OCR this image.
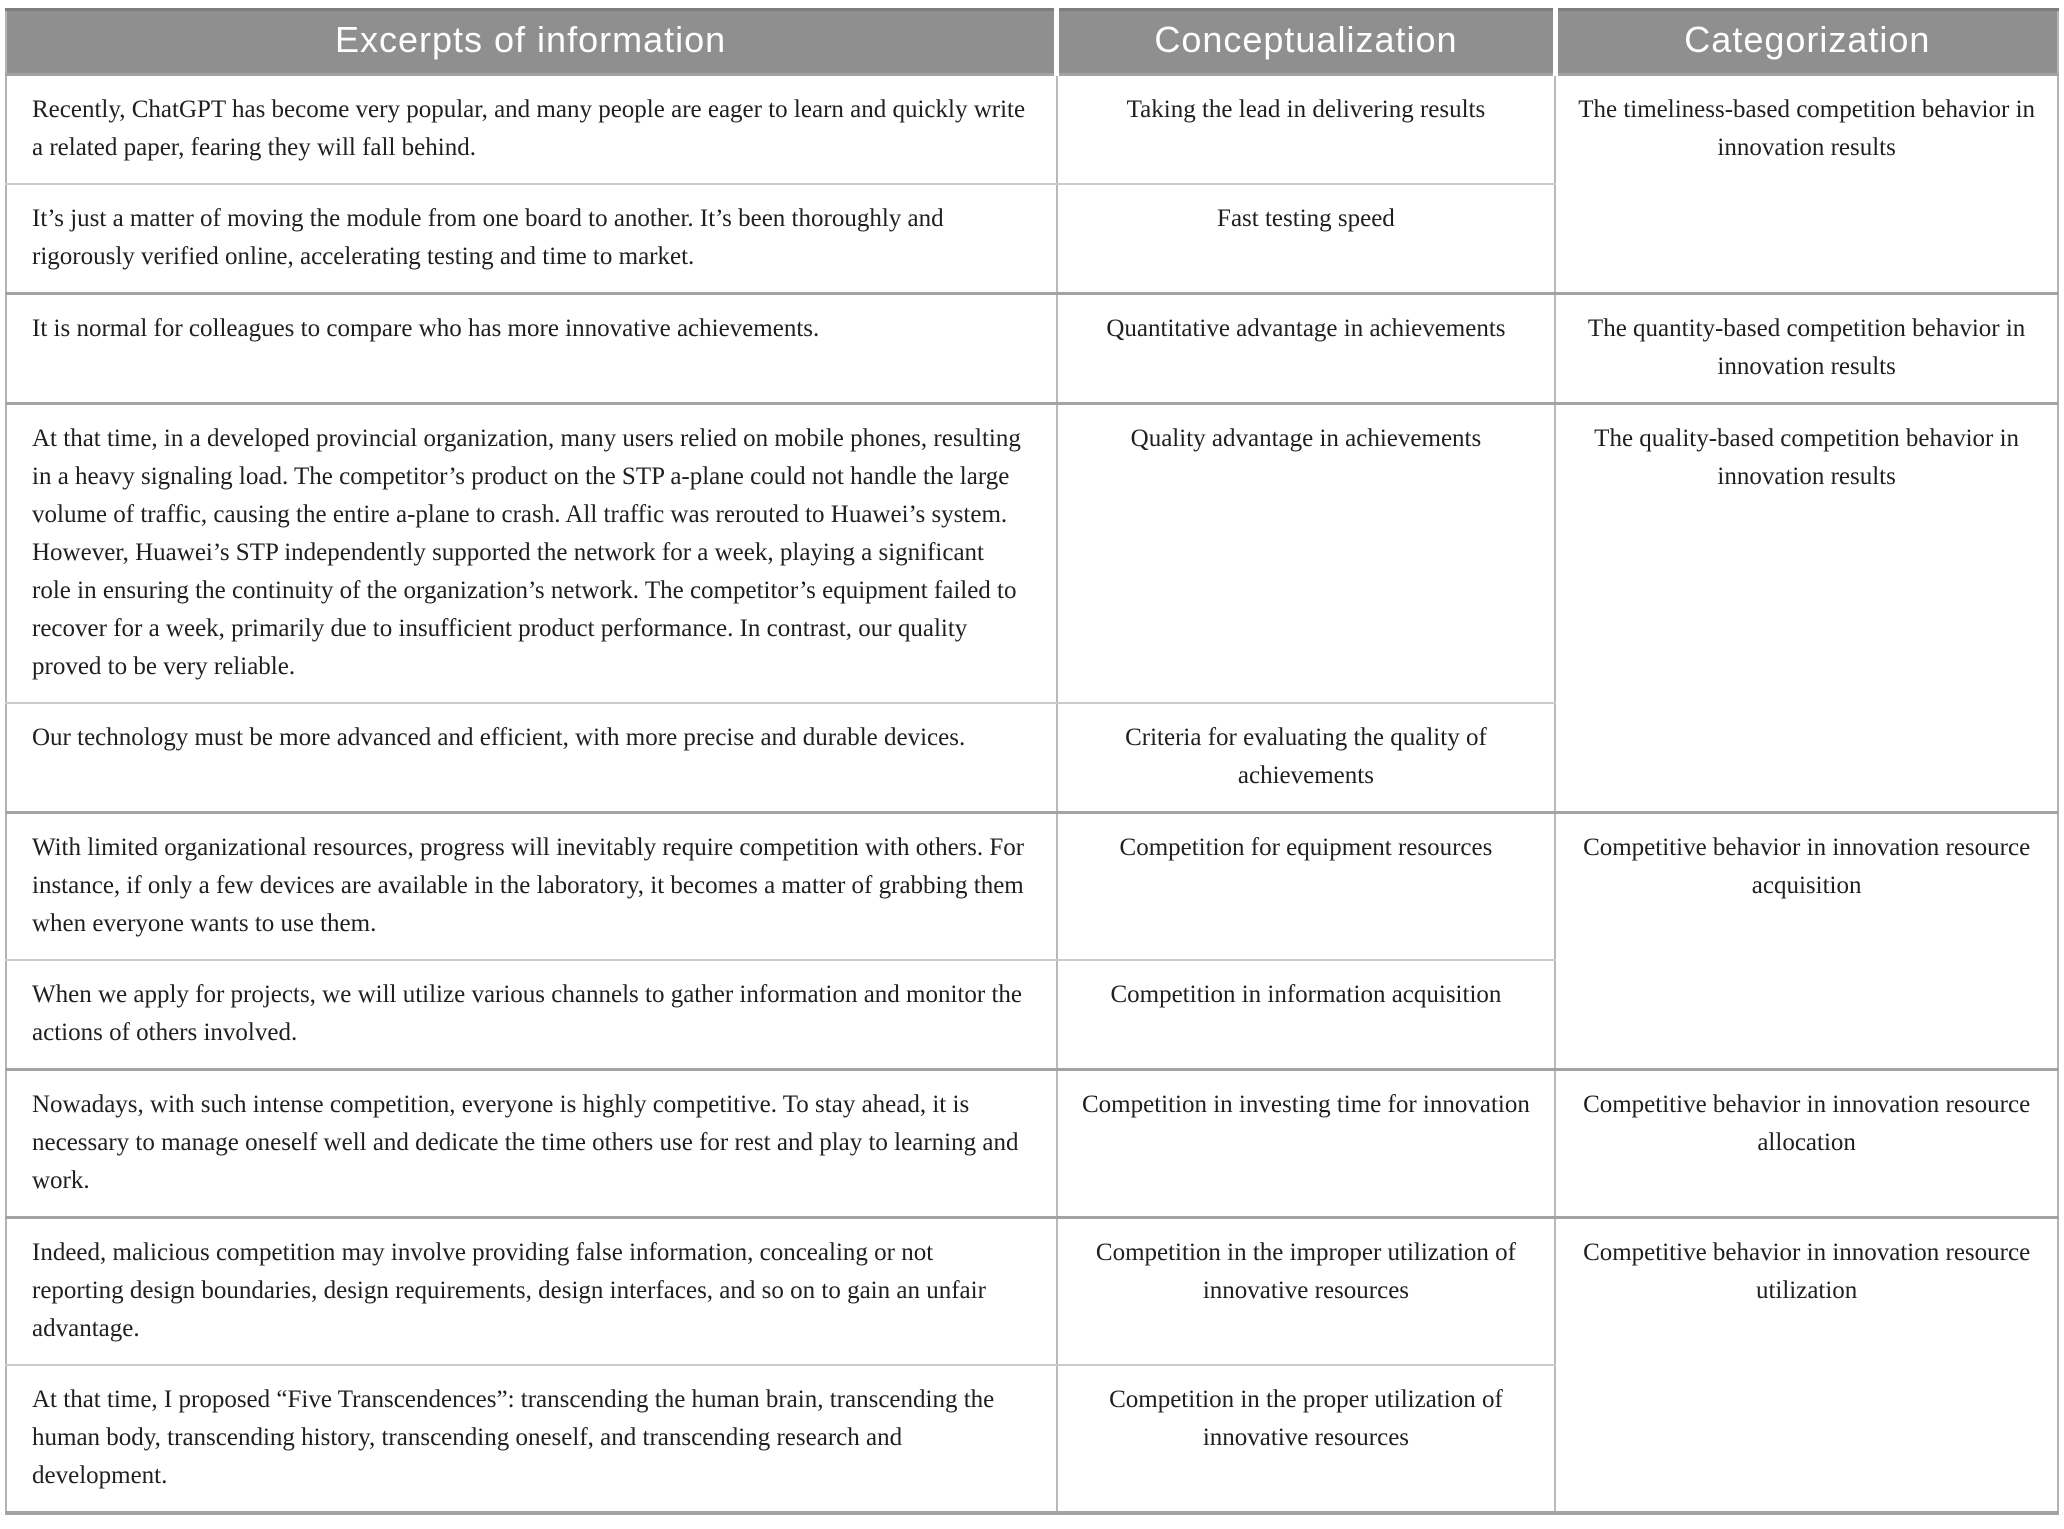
Excerpts of information	Conceptualization	Categorization
Recently, ChatGPT has become very popular, and many people are eager to learn and quickly write a related paper, fearing they will fall behind.	Taking the lead in delivering results	The timeliness-based competition behavior in innovation results
It’s just a matter of moving the module from one board to another. It’s been thoroughly and rigorously verified online, accelerating testing and time to market.	Fast testing speed	
It is normal for colleagues to compare who has more innovative achievements.	Quantitative advantage in achievements	The quantity-based competition behavior in innovation results
At that time, in a developed provincial organization, many users relied on mobile phones, resulting in a heavy signaling load. The competitor’s product on the STP a-plane could not handle the large volume of traffic, causing the entire a-plane to crash. All traffic was rerouted to Huawei’s system. However, Huawei’s STP independently supported the network for a week, playing a significant role in ensuring the continuity of the organization’s network. The competitor’s equipment failed to recover for a week, primarily due to insufficient product performance. In contrast, our quality proved to be very reliable.	Quality advantage in achievements	The quality-based competition behavior in innovation results
Our technology must be more advanced and efficient, with more precise and durable devices.	Criteria for evaluating the quality of achievements	
With limited organizational resources, progress will inevitably require competition with others. For instance, if only a few devices are available in the laboratory, it becomes a matter of grabbing them when everyone wants to use them.	Competition for equipment resources	Competitive behavior in innovation resource acquisition
When we apply for projects, we will utilize various channels to gather information and monitor the actions of others involved.	Competition in information acquisition	
Nowadays, with such intense competition, everyone is highly competitive. To stay ahead, it is necessary to manage oneself well and dedicate the time others use for rest and play to learning and work.	Competition in investing time for innovation	Competitive behavior in innovation resource allocation
Indeed, malicious competition may involve providing false information, concealing or not reporting design boundaries, design requirements, design interfaces, and so on to gain an unfair advantage.	Competition in the improper utilization of innovative resources	Competitive behavior in innovation resource utilization
At that time, I proposed “Five Transcendences”: transcending the human brain, transcending the human body, transcending history, transcending oneself, and transcending research and development.	Competition in the proper utilization of innovative resources	
